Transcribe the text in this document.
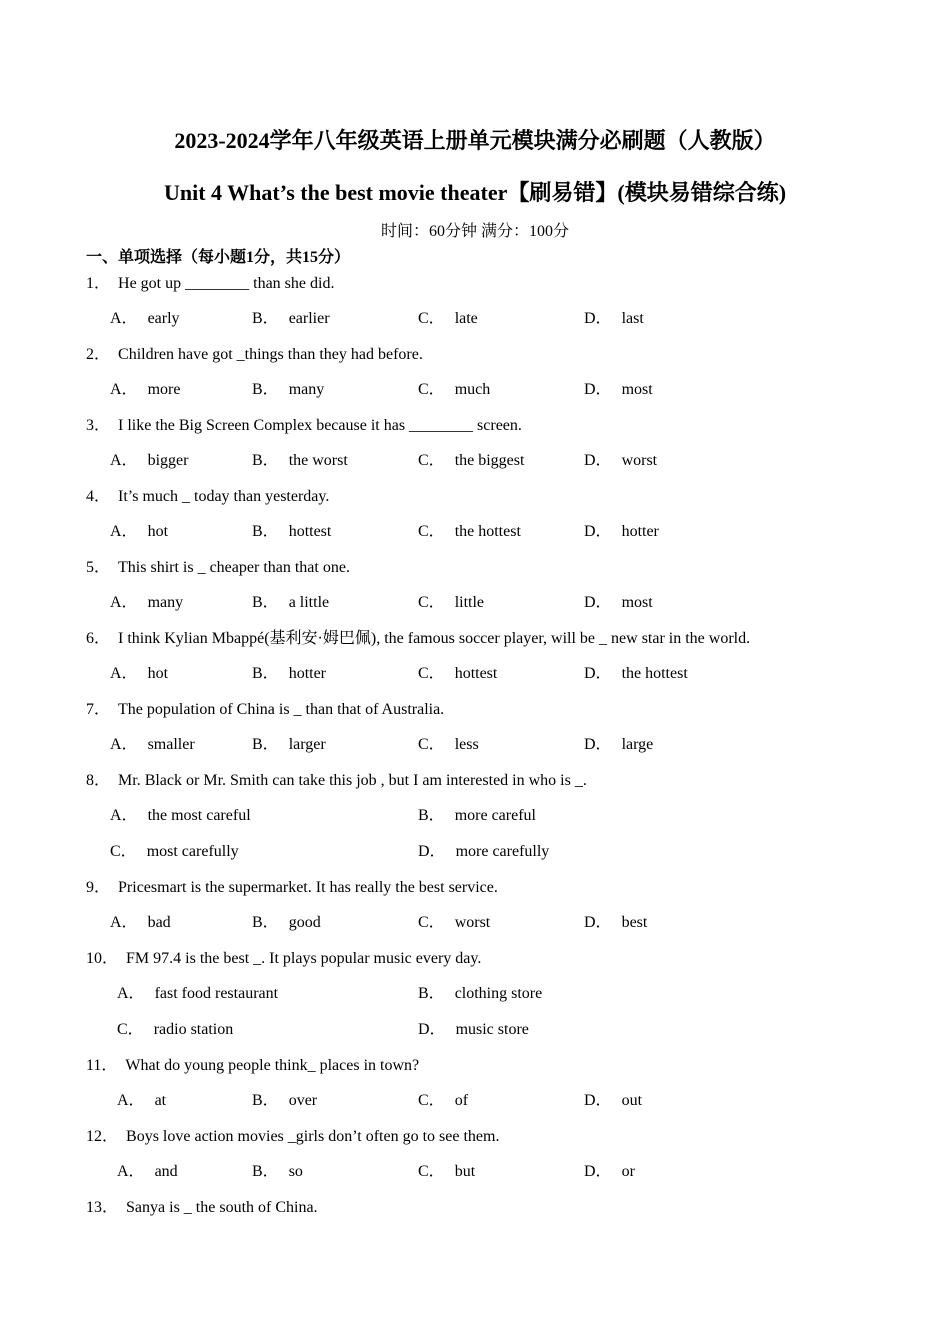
2023-2024学年八年级英语上册单元模块满分必刷题（人教版）
Unit 4 What’s the best movie theater【刷易错】(模块易错综合练)
时间：60分钟 满分：100分
一、单项选择（每小题1分，共15分）
1． He got up ________ than she did.
A． early	B． earlier	C． late	D． last
2． Children have got _things than they had before.
A． more	B． many	C． much	D． most
3． I like the Big Screen Complex because it has ________ screen.
A． bigger	B． the worst	C． the biggest	D． worst
4． It’s much _ today than yesterday.
A． hot	B． hottest	C． the hottest	D． hotter
5． This shirt is _ cheaper than that one.
A． many	B． a little	C． little	D． most
6． I think Kylian Mbappé(基利安·姆巴佩), the famous soccer player, will be _ new star in the world.
A． hot	B． hotter	C． hottest	D． the hottest
7． The population of China is _ than that of Australia.
A． smaller	B． larger	C． less	D． large
8． Mr. Black or Mr. Smith can take this job , but I am interested in who is _.
A． the most careful	B． more careful
C． most carefully	D． more carefully
9． Pricesmart is the supermarket. It has really the best service.
A． bad	B． good	C． worst	D． best
10． FM 97.4 is the best _. It plays popular music every day.
A． fast food restaurant	B． clothing store
C． radio station	D． music store
11． What do young people think_ places in town?
A． at	B． over	C． of	D． out
12． Boys love action movies _girls don’t often go to see them.
A． and	B． so	C． but	D． or
13． Sanya is _ the south of China.
